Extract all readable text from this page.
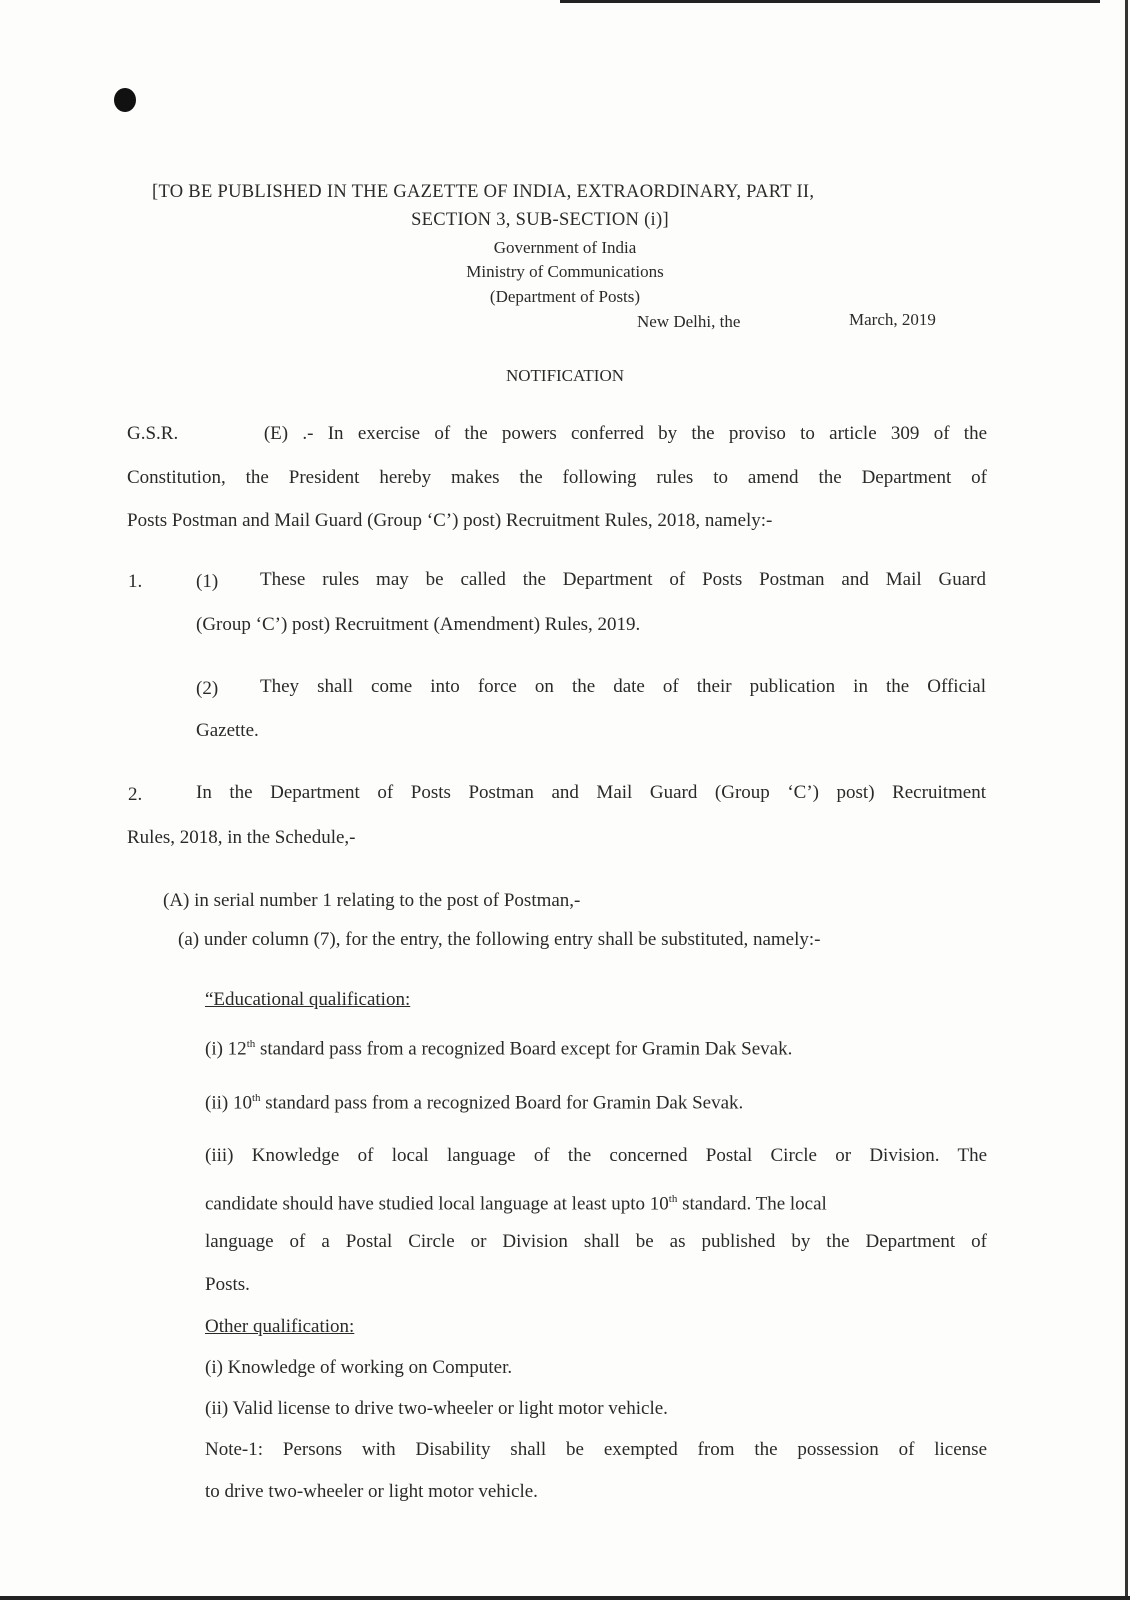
[TO BE PUBLISHED IN THE GAZETTE OF INDIA, EXTRAORDINARY, PART II,
SECTION 3, SUB-SECTION (i)]
Government of India
Ministry of Communications
(Department of Posts)
New Delhi, the	March, 2019
NOTIFICATION
G.S.R.      (E) .- In exercise of the powers conferred by the proviso to article 309 of the
Constitution, the President hereby makes the following rules to amend the Department of
Posts Postman and Mail Guard (Group ‘C’) post) Recruitment Rules, 2018, namely:-
1.	(1) These rules may be called the Department of Posts Postman and Mail Guard
(Group ‘C’) post) Recruitment (Amendment) Rules, 2019.
(2) They shall come into force on the date of their publication in the Official
Gazette.
2.	In the Department of Posts Postman and Mail Guard (Group ‘C’) post) Recruitment
Rules, 2018, in the Schedule,-
(A) in serial number 1 relating to the post of Postman,-
(a) under column (7), for the entry, the following entry shall be substituted, namely:-
“Educational qualification:
(i) 12th standard pass from a recognized Board except for Gramin Dak Sevak.
(ii) 10th standard pass from a recognized Board for Gramin Dak Sevak.
(iii) Knowledge of local language of the concerned Postal Circle or Division. The
candidate should have studied local language at least upto 10th standard. The local
language of a Postal Circle or Division shall be as published by the Department of
Posts.
Other qualification:
(i) Knowledge of working on Computer.
(ii) Valid license to drive two-wheeler or light motor vehicle.
Note-1: Persons with Disability shall be exempted from the possession of license
to drive two-wheeler or light motor vehicle.
